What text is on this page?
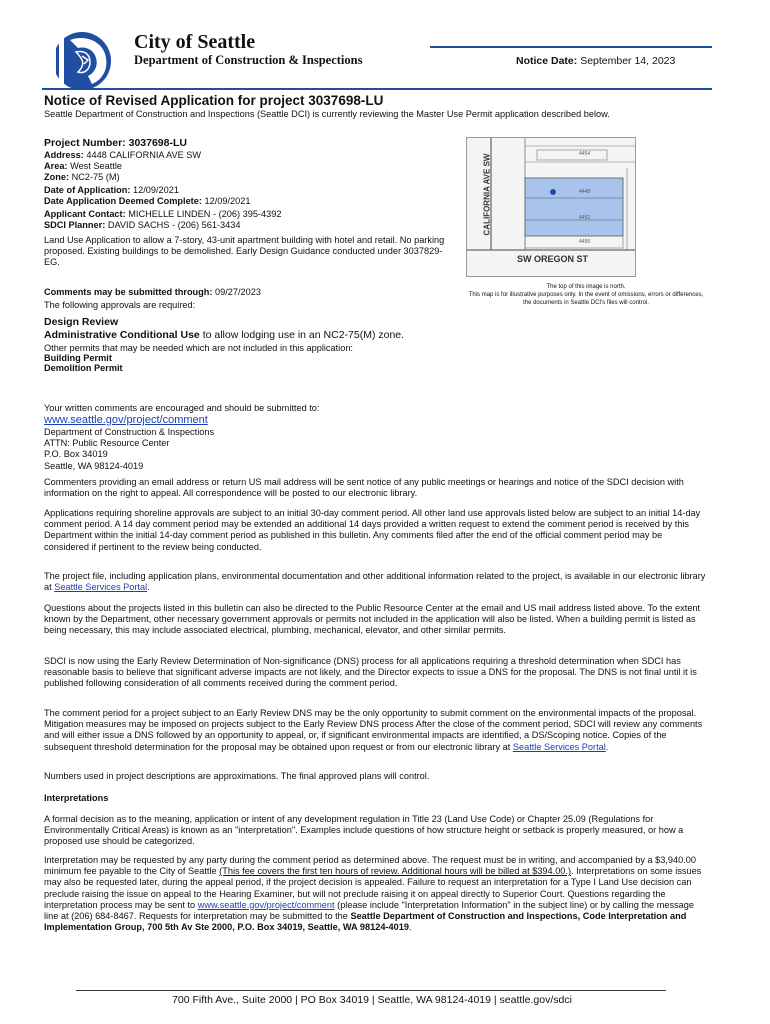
City of Seattle
Department of Construction & Inspections	Notice Date: September 14, 2023
Notice of Revised Application for project 3037698-LU

Seattle Department of Construction and Inspections (Seattle DCI) is currently reviewing the Master Use Permit application described below.

Project Number: 3037698-LU

Address: 4448 CALIFORNIA AVE SW

Area: West Seattle

Zone: NC2-75 (M)

Date of Application: 12/09/2021

Date Application Deemed Complete: 12/09/2021

Applicant Contact: MICHELLE LINDEN - (206) 395-4392

SDCI Planner: DAVID SACHS - (206) 561-3434

Land Use Application to allow a 7-story, 43-unit apartment building with hotel and retail. No parking proposed. Existing buildings to be demolished. Early Design Guidance conducted under 3037829-EG.

Comments may be submitted through: 09/27/2023

The following approvals are required:

CALIFORNIA AVE SW
SW OREGON ST
4454
4448
4452
4456
The top of this image is north.
This map is for illustrative purposes only. In the event of omissions, errors or differences, the documents in Seattle DCI's files will control.
Design Review
Administrative Conditional Use to allow lodging use in an NC2-75(M) zone.

Other permits that may be needed which are not included in this application:

Building Permit

Demolition Permit

Your written comments are encouraged and should be submitted to:

www.seattle.gov/project/comment

Department of Construction & Inspections

ATTN: Public Resource Center

P.O. Box 34019

Seattle, WA 98124-4019

Commenters providing an email address or return US mail address will be sent notice of any public meetings or hearings and notice of the SDCI decision with information on the right to appeal. All correspondence will be posted to our electronic library.

Applications requiring shoreline approvals are subject to an initial 30-day comment period. All other land use approvals listed below are subject to an initial 14-day comment period. A 14 day comment period may be extended an additional 14 days provided a written request to extend the comment period is received by this Department within the initial 14-day comment period as published in this bulletin. Any comments filed after the end of the official comment period may be considered if pertinent to the review being conducted.

The project file, including application plans, environmental documentation and other additional information related to the project, is available in our electronic library at Seattle Services Portal.

Questions about the projects listed in this bulletin can also be directed to the Public Resource Center at the email and US mail address listed above. To the extent known by the Department, other necessary government approvals or permits not included in the application will also be listed. When a building permit is listed as being necessary, this may include associated electrical, plumbing, mechanical, elevator, and other similar permits.

SDCI is now using the Early Review Determination of Non-significance (DNS) process for all applications requiring a threshold determination when SDCI has reasonable basis to believe that significant adverse impacts are not likely, and the Director expects to issue a DNS for the proposal. The DNS is not final until it is published following consideration of all comments received during the comment period.

The comment period for a project subject to an Early Review DNS may be the only opportunity to submit comment on the environmental impacts of the proposal. Mitigation measures may be imposed on projects subject to the Early Review DNS process After the close of the comment period, SDCI will review any comments and will either issue a DNS followed by an opportunity to appeal, or, if significant environmental impacts are identified, a DS/Scoping notice. Copies of the subsequent threshold determination for the proposal may be obtained upon request or from our electronic library at Seattle Services Portal.

Numbers used in project descriptions are approximations. The final approved plans will control.

Interpretations

A formal decision as to the meaning, application or intent of any development regulation in Title 23 (Land Use Code) or Chapter 25.09 (Regulations for Environmentally Critical Areas) is known as an "interpretation". Examples include questions of how structure height or setback is properly measured, or how a proposed use should be categorized.

Interpretation may be requested by any party during the comment period as determined above. The request must be in writing, and accompanied by a $3,940.00 minimum fee payable to the City of Seattle (This fee covers the first ten hours of review. Additional hours will be billed at $394.00.). Interpretations on some issues may also be requested later, during the appeal period, if the project decision is appealed. Failure to request an interpretation for a Type I Land Use decision can preclude raising the issue on appeal to the Hearing Examiner, but will not preclude raising it on appeal directly to Superior Court. Questions regarding the interpretation process may be sent to www.seattle.gov/project/comment (please include "Interpretation Information" in the subject line) or by calling the message line at (206) 684-8467. Requests for interpretation may be submitted to the Seattle Department of Construction and Inspections, Code Interpretation and Implementation Group, 700 5th Av Ste 2000, P.O. Box 34019, Seattle, WA 98124-4019.

700 Fifth Ave., Suite 2000 | PO Box 34019 | Seattle, WA 98124-4019 | seattle.gov/sdci
